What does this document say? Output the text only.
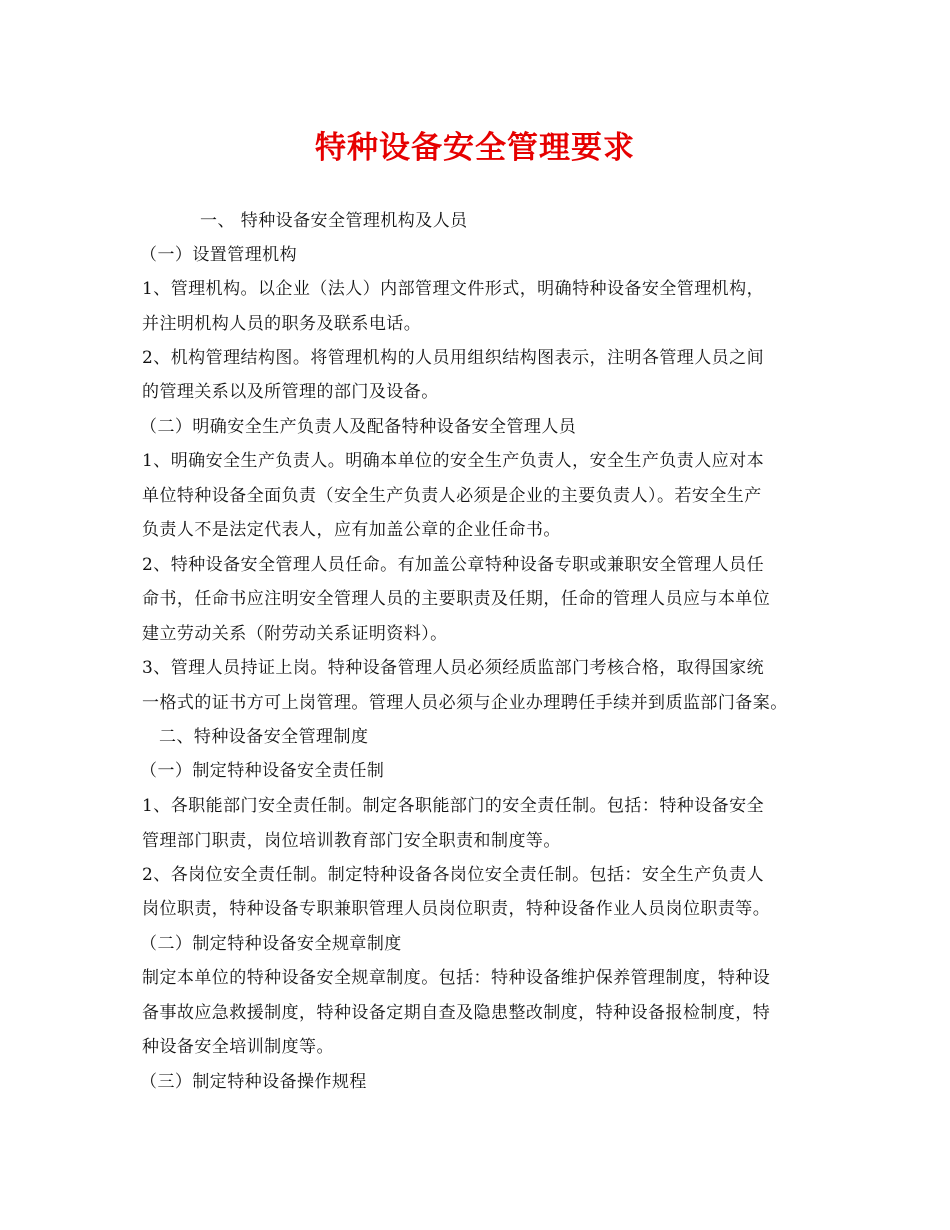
特种设备安全管理要求
一、 特种设备安全管理机构及人员
（一）设置管理机构
1、管理机构。以企业（法人）内部管理文件形式，明确特种设备安全管理机构，
并注明机构人员的职务及联系电话。
2、机构管理结构图。将管理机构的人员用组织结构图表示，注明各管理人员之间
的管理关系以及所管理的部门及设备。
（二）明确安全生产负责人及配备特种设备安全管理人员
1、明确安全生产负责人。明确本单位的安全生产负责人，安全生产负责人应对本
单位特种设备全面负责（安全生产负责人必须是企业的主要负责人）。若安全生产
负责人不是法定代表人，应有加盖公章的企业任命书。
2、特种设备安全管理人员任命。有加盖公章特种设备专职或兼职安全管理人员任
命书，任命书应注明安全管理人员的主要职责及任期，任命的管理人员应与本单位
建立劳动关系（附劳动关系证明资料）。
3、管理人员持证上岗。特种设备管理人员必须经质监部门考核合格，取得国家统
一格式的证书方可上岗管理。管理人员必须与企业办理聘任手续并到质监部门备案。
二、特种设备安全管理制度
（一）制定特种设备安全责任制
1、各职能部门安全责任制。制定各职能部门的安全责任制。包括：特种设备安全
管理部门职责，岗位培训教育部门安全职责和制度等。
2、各岗位安全责任制。制定特种设备各岗位安全责任制。包括：安全生产负责人
岗位职责，特种设备专职兼职管理人员岗位职责，特种设备作业人员岗位职责等。
（二）制定特种设备安全规章制度
制定本单位的特种设备安全规章制度。包括：特种设备维护保养管理制度，特种设
备事故应急救援制度，特种设备定期自查及隐患整改制度，特种设备报检制度，特
种设备安全培训制度等。
（三）制定特种设备操作规程
